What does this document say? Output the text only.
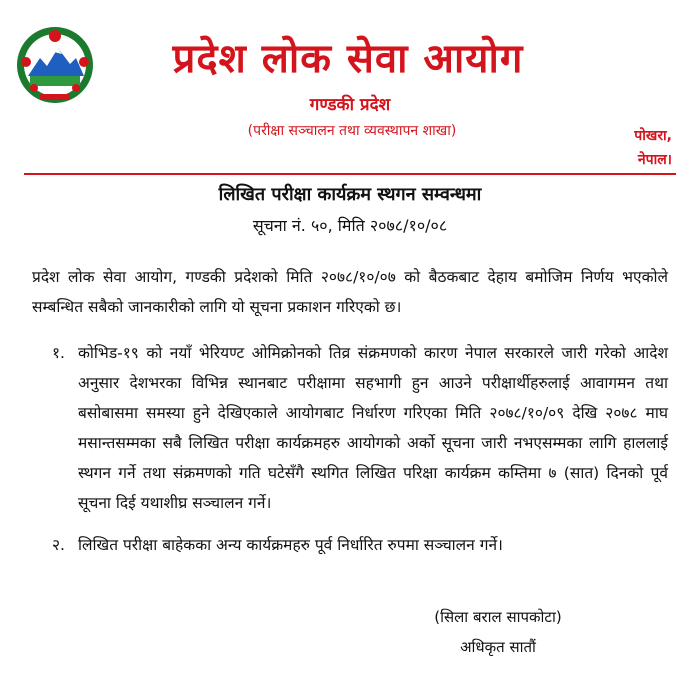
प्रदेश लोक सेवा आयोग
गण्डकी प्रदेश
(परीक्षा सञ्चालन तथा व्यवस्थापन शाखा)	पोखरा,
नेपाल।
लिखित परीक्षा कार्यक्रम स्थगन सम्वन्धमा
सूचना नं. ५०, मिति २०७८/१०/०८
प्रदेश लोक सेवा आयोग, गण्डकी प्रदेशको मिति २०७८/१०/०७ को बैठकबाट देहाय बमोजिम निर्णय भएकोले सम्बन्धित सबैको जानकारीको लागि यो सूचना प्रकाशन गरिएको छ।
१. कोभिड-१९ को नयाँ भेरियण्ट ओमिक्रोनको तिव्र संक्रमणको कारण नेपाल सरकारले जारी गरेको आदेश अनुसार देशभरका विभिन्न स्थानबाट परीक्षामा सहभागी हुन आउने परीक्षार्थीहरुलाई आवागमन तथा बसोबासमा समस्या हुने देखिएकाले आयोगबाट निर्धारण गरिएका मिति २०७८/१०/०९ देखि २०७८ माघ मसान्तसम्मका सबै लिखित परीक्षा कार्यक्रमहरु आयोगको अर्को सूचना जारी नभएसम्मका लागि हाललाई स्थगन गर्ने तथा संक्रमणको गति घटेसँगै स्थगित लिखित परिक्षा कार्यक्रम कम्तिमा ७ (सात) दिनको पूर्व सूचना दिई यथाशीघ्र सञ्चालन गर्ने।
२. लिखित परीक्षा बाहेकका अन्य कार्यक्रमहरु पूर्व निर्धारित रुपमा सञ्चालन गर्ने।
(सिला बराल सापकोटा)
अधिकृत सातौं
